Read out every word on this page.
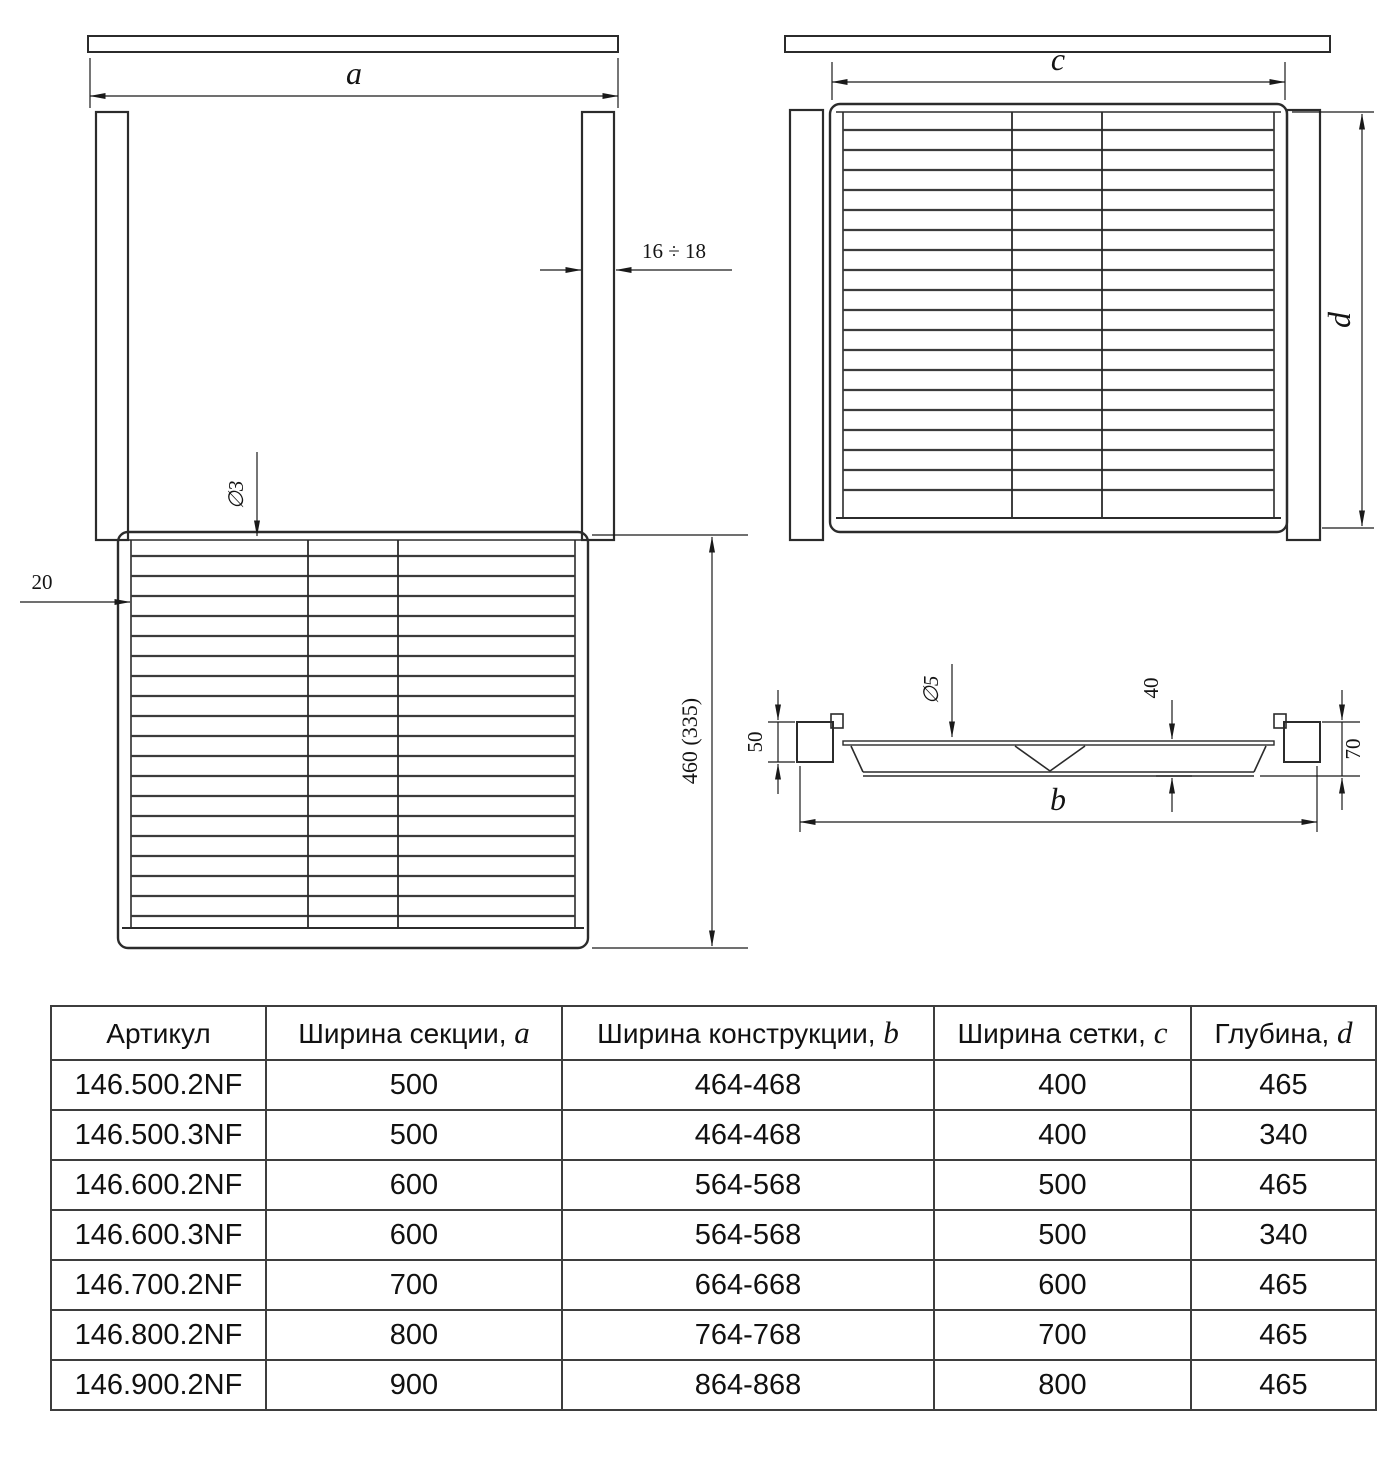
a
16 ÷ 18
∅3
20
460 (335)
c
d
∅5	40
50	70
b
Артикул	Ширина секции, a	Ширина конструкции, b	Ширина сетки, c	Глубина, d
146.500.2NF	500	464-468	400	465
146.500.3NF	500	464-468	400	340
146.600.2NF	600	564-568	500	465
146.600.3NF	600	564-568	500	340
146.700.2NF	700	664-668	600	465
146.800.2NF	800	764-768	700	465
146.900.2NF	900	864-868	800	465
